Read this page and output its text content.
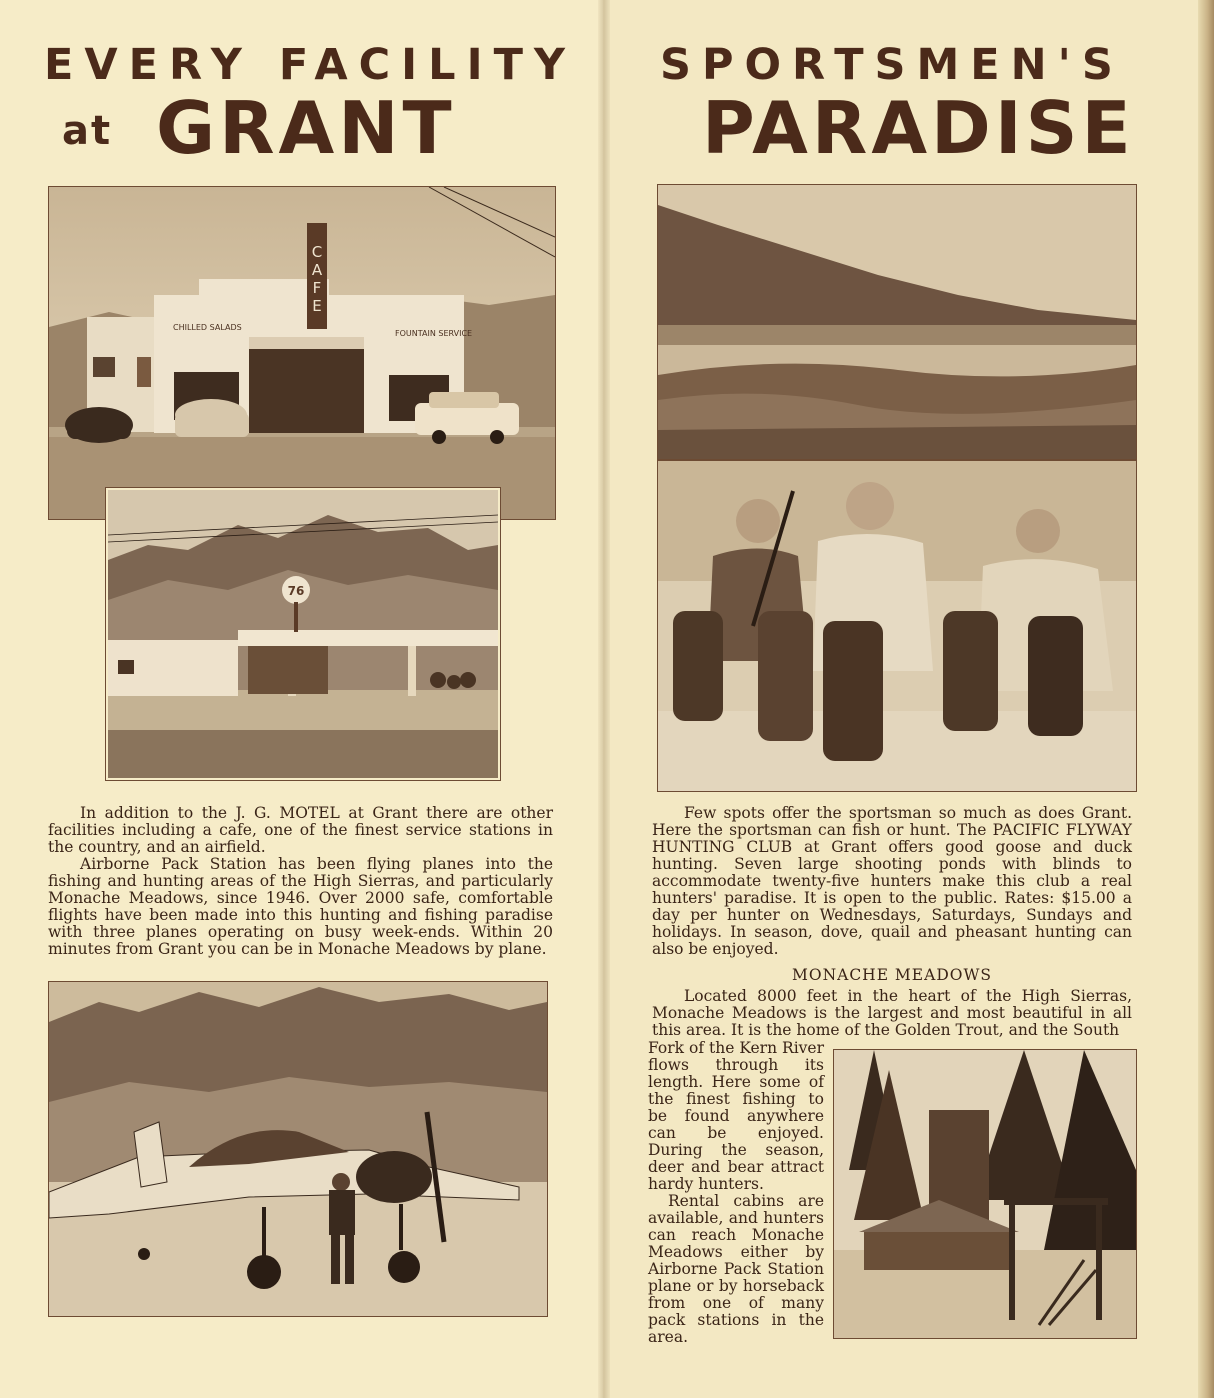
EVERY FACILITY
at GRANT
SPORTSMEN'S
PARADISE
C A F E
CHILLED SALADS
FOUNTAIN SERVICE
76

In addition to the J. G. MOTEL at Grant there are other facilities including a cafe, one of the finest service stations in the country, and an airfield.

Airborne Pack Station has been flying planes into the fishing and hunting areas of the High Sierras, and particularly Monache Meadows, since 1946. Over 2000 safe, comfortable flights have been made into this hunting and fishing paradise with three planes operating on busy week-ends. Within 20 minutes from Grant you can be in Monache Meadows by plane.

Few spots offer the sportsman so much as does Grant. Here the sportsman can fish or hunt. The PACIFIC FLYWAY HUNTING CLUB at Grant offers good goose and duck hunting. Seven large shooting ponds with blinds to accommodate twenty-five hunters make this club a real hunters' paradise. It is open to the public. Rates: $15.00 a day per hunter on Wednesdays, Saturdays, Sundays and holidays. In season, dove, quail and pheasant hunting can also be enjoyed.

MONACHE MEADOWS

Located 8000 feet in the heart of the High Sierras, Monache Meadows is the largest and most beautiful in all this area. It is the home of the Golden Trout, and the South

Fork of the Kern River flows through its length. Here some of the finest fishing to be found anywhere can be enjoyed. During the season, deer and bear attract hardy hunters.

Rental cabins are available, and hunters can reach Monache Meadows either by Airborne Pack Station plane or by horseback from one of many pack stations in the area.
